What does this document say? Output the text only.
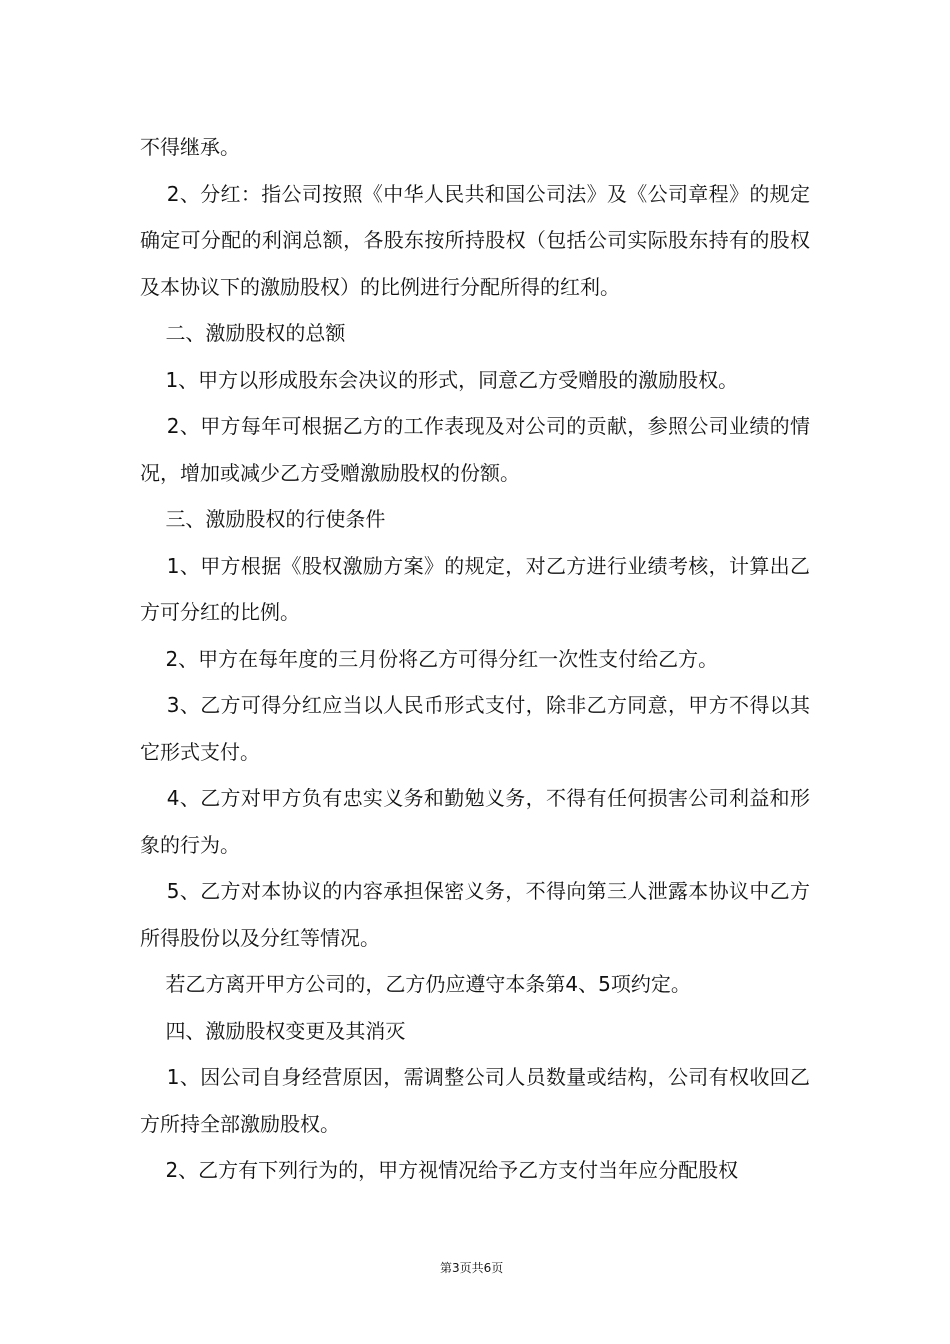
不得继承。

2、分红：指公司按照《中华人民共和国公司法》及《公司章程》的规定确定可分配的利润总额，各股东按所持股权（包括公司实际股东持有的股权及本协议下的激励股权）的比例进行分配所得的红利。

二、激励股权的总额

1、甲方以形成股东会决议的形式，同意乙方受赠股的激励股权。

2、甲方每年可根据乙方的工作表现及对公司的贡献，参照公司业绩的情况，增加或减少乙方受赠激励股权的份额。

三、激励股权的行使条件

1、甲方根据《股权激励方案》的规定，对乙方进行业绩考核，计算出乙方可分红的比例。

2、甲方在每年度的三月份将乙方可得分红一次性支付给乙方。

3、乙方可得分红应当以人民币形式支付，除非乙方同意，甲方不得以其它形式支付。

4、乙方对甲方负有忠实义务和勤勉义务，不得有任何损害公司利益和形象的行为。

5、乙方对本协议的内容承担保密义务，不得向第三人泄露本协议中乙方所得股份以及分红等情况。

若乙方离开甲方公司的，乙方仍应遵守本条第4、5项约定。

四、激励股权变更及其消灭

1、因公司自身经营原因，需调整公司人员数量或结构，公司有权收回乙方所持全部激励股权。

2、乙方有下列行为的，甲方视情况给予乙方支付当年应分配股权

第3页共6页
